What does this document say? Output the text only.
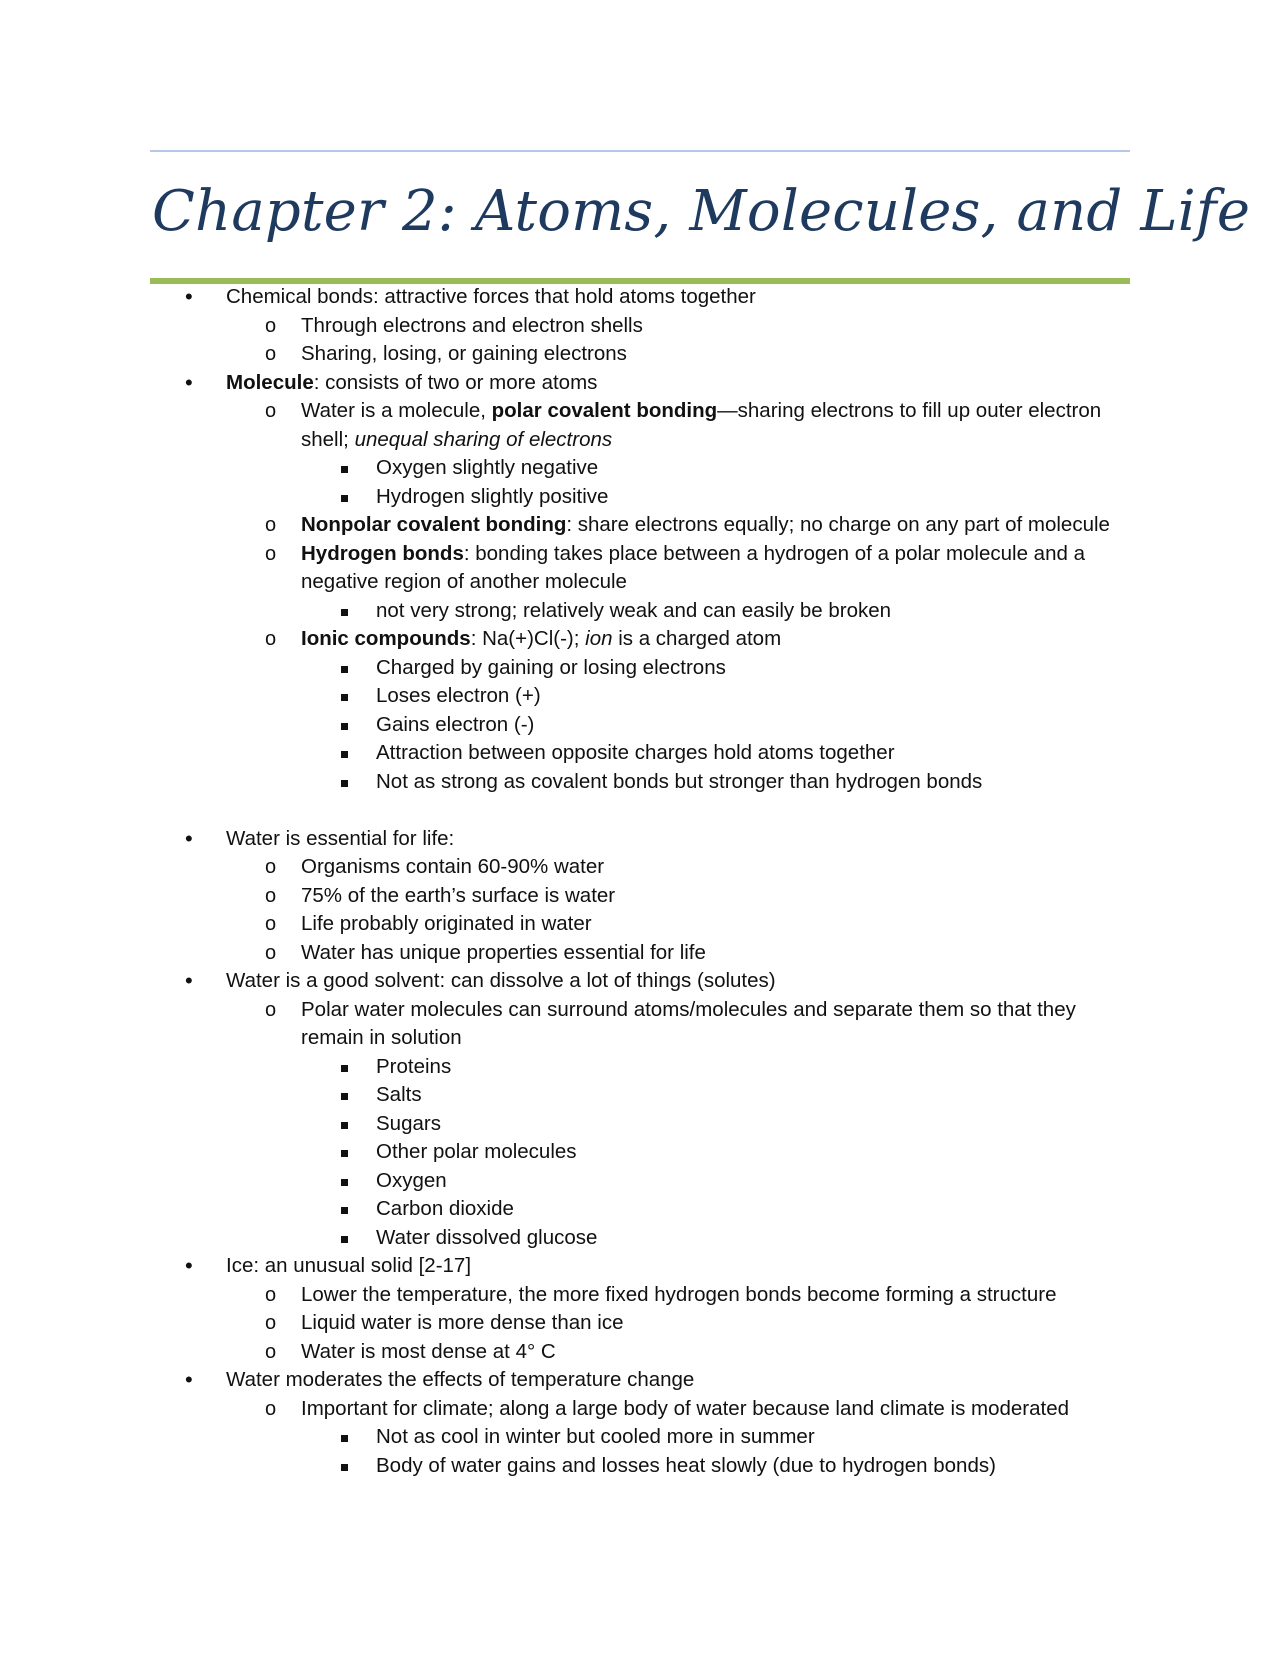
Chapter 2: Atoms, Molecules, and Life
• Chemical bonds: attractive forces that hold atoms together
o Through electrons and electron shells
o Sharing, losing, or gaining electrons
• Molecule: consists of two or more atoms
o Water is a molecule, polar covalent bonding—sharing electrons to fill up outer electron
shell; unequal sharing of electrons
Oxygen slightly negative
Hydrogen slightly positive
o Nonpolar covalent bonding: share electrons equally; no charge on any part of molecule
o Hydrogen bonds: bonding takes place between a hydrogen of a polar molecule and a
negative region of another molecule
not very strong; relatively weak and can easily be broken
o Ionic compounds: Na(+)Cl(-); ion is a charged atom
Charged by gaining or losing electrons
Loses electron (+)
Gains electron (-)
Attraction between opposite charges hold atoms together
Not as strong as covalent bonds but stronger than hydrogen bonds
• Water is essential for life:
o Organisms contain 60-90% water
o 75% of the earth’s surface is water
o Life probably originated in water
o Water has unique properties essential for life
• Water is a good solvent: can dissolve a lot of things (solutes)
o Polar water molecules can surround atoms/molecules and separate them so that they
remain in solution
Proteins
Salts
Sugars
Other polar molecules
Oxygen
Carbon dioxide
Water dissolved glucose
• Ice: an unusual solid [2-17]
o Lower the temperature, the more fixed hydrogen bonds become forming a structure
o Liquid water is more dense than ice
o Water is most dense at 4° C
• Water moderates the effects of temperature change
o Important for climate; along a large body of water because land climate is moderated
Not as cool in winter but cooled more in summer
Body of water gains and losses heat slowly (due to hydrogen bonds)
